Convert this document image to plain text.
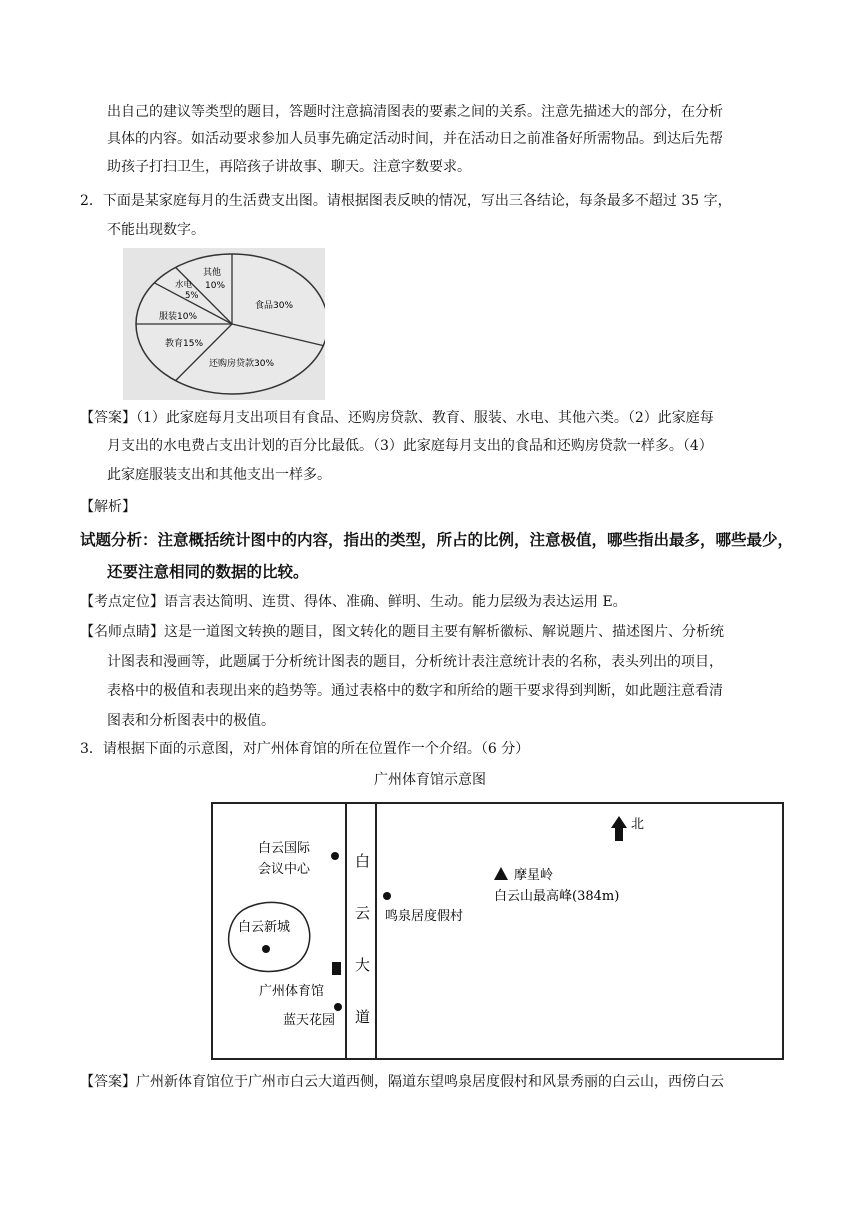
出自己的建议等类型的题目，答题时注意搞清图表的要素之间的关系。注意先描述大的部分，在分析
具体的内容。如活动要求参加人员事先确定活动时间，并在活动日之前准备好所需物品。到达后先帮
助孩子打扫卫生，再陪孩子讲故事、聊天。注意字数要求。
2．下面是某家庭每月的生活费支出图。请根据图表反映的情况，写出三各结论，每条最多不超过 35 字，
不能出现数字。
其他
10%
水电
5%
服装10%
教育15%
食品30%
还购房贷款30%
【答案】（1）此家庭每月支出项目有食品、还购房贷款、教育、服装、水电、其他六类。（2）此家庭每
月支出的水电费占支出计划的百分比最低。（3）此家庭每月支出的食品和还购房贷款一样多。（4）
此家庭服装支出和其他支出一样多。
【解析】
试题分析：注意概括统计图中的内容，指出的类型，所占的比例，注意极值，哪些指出最多，哪些最少，
还要注意相同的数据的比较。
【考点定位】语言表达简明、连贯、得体、准确、鲜明、生动。能力层级为表达运用 E。
【名师点睛】这是一道图文转换的题目，图文转化的题目主要有解析徽标、解说题片、描述图片、分析统
计图表和漫画等，此题属于分析统计图表的题目，分析统计表注意统计表的名称，表头列出的项目，
表格中的极值和表现出来的趋势等。通过表格中的数字和所给的题干要求得到判断，如此题注意看清
图表和分析图表中的极值。
3．请根据下面的示意图，对广州体育馆的所在位置作一个介绍。（6 分）
广州体育馆示意图
白
云
大
道
白云国际
会议中心
白云新城
广州体育馆
蓝天花园
鸣泉居度假村
摩星岭
白云山最高峰(384m)
北
【答案】广州新体育馆位于广州市白云大道西侧，隔道东望鸣泉居度假村和风景秀丽的白云山，西傍白云
